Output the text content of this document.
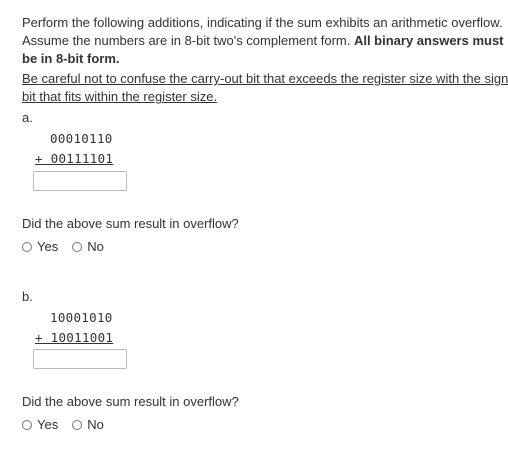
Perform the following additions, indicating if the sum exhibits an arithmetic overflow.
Assume the numbers are in 8-bit two's complement form. All binary answers must
be in 8-bit form.
Be careful not to confuse the carry-out bit that exceeds the register size with the sign
bit that fits within the register size.
a.
00010110
+ 00111101
Did the above sum result in overflow?
Yes No
b.
10001010
+ 10011001
Did the above sum result in overflow?
Yes No
